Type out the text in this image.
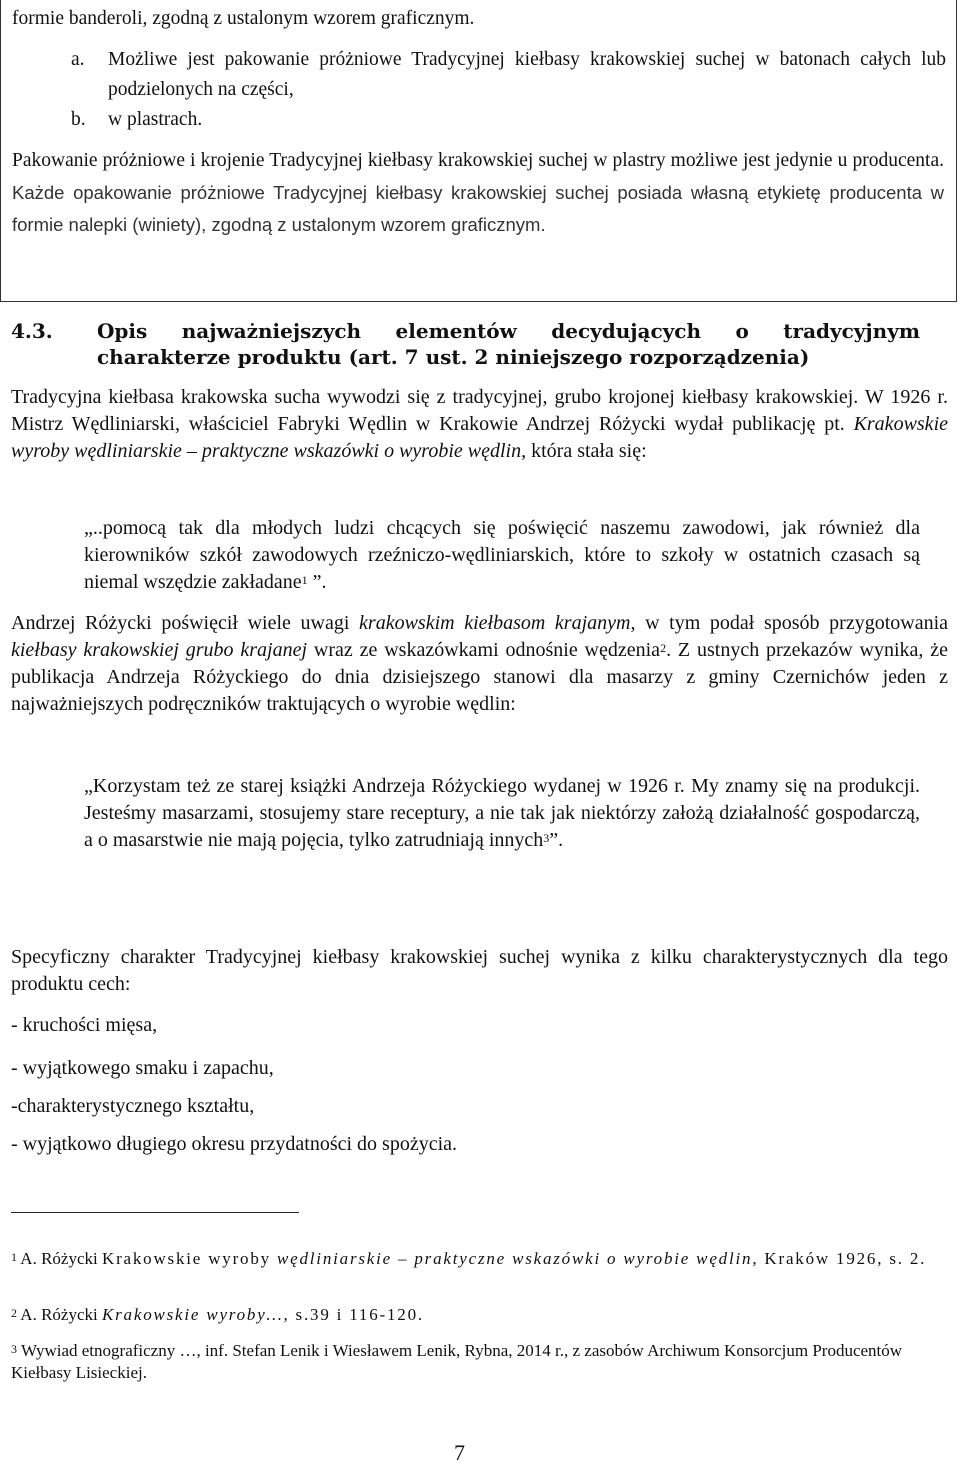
formie banderoli, zgodną z ustalonym wzorem graficznym.

a.	Możliwe jest pakowanie próżniowe Tradycyjnej kiełbasy krakowskiej suchej w batonach całych lub podzielonych na części,
b.	w plastrach.

Pakowanie próżniowe i krojenie Tradycyjnej kiełbasy krakowskiej suchej w plastry możliwe jest jedynie u producenta. Każde opakowanie próżniowe Tradycyjnej kiełbasy krakowskiej suchej posiada własną etykietę producenta w formie nalepki (winiety), zgodną z ustalonym wzorem graficznym.

4.3. Opis najważniejszych elementów decydujących o tradycyjnym charakterze produktu (art. 7 ust. 2 niniejszego rozporządzenia)

Tradycyjna kiełbasa krakowska sucha wywodzi się z tradycyjnej, grubo krojonej kiełbasy krakowskiej. W 1926 r. Mistrz Wędliniarski, właściciel Fabryki Wędlin w Krakowie Andrzej Różycki wydał publikację pt. Krakowskie wyroby wędliniarskie – praktyczne wskazówki o wyrobie wędlin, która stała się:

„..pomocą tak dla młodych ludzi chcących się poświęcić naszemu zawodowi, jak również dla kierowników szkół zawodowych rzeźniczo-wędliniarskich, które to szkoły w ostatnich czasach są niemal wszędzie zakładane$^1$ ”.

Andrzej Różycki poświęcił wiele uwagi krakowskim kiełbasom krajanym, w tym podał sposób przygotowania kiełbasy krakowskiej grubo krajanej wraz ze wskazówkami odnośnie wędzenia$^2$. Z ustnych przekazów wynika, że publikacja Andrzeja Różyckiego do dnia dzisiejszego stanowi dla masarzy z gminy Czernichów jeden z najważniejszych podręczników traktujących o wyrobie wędlin:

„Korzystam też ze starej książki Andrzeja Różyckiego wydanej w 1926 r. My znamy się na produkcji. Jesteśmy masarzami, stosujemy stare receptury, a nie tak jak niektórzy założą działalność gospodarczą, a o masarstwie nie mają pojęcia, tylko zatrudniają innych$^3$”.

Specyficzny charakter Tradycyjnej kiełbasy krakowskiej suchej wynika z kilku charakterystycznych dla tego produktu cech:

- kruchości mięsa,
- wyjątkowego smaku i zapachu,
-charakterystycznego kształtu,
- wyjątkowo długiego okresu przydatności do spożycia.

$^1$ A. Różycki Krakowskie wyroby wędliniarskie – praktyczne wskazówki o wyrobie wędlin, Kraków 1926, s. 2.

$^2$ A. Różycki Krakowskie wyroby…, s.39 i 116-120.

$^3$ Wywiad etnograficzny …, inf. Stefan Lenik i Wiesławem Lenik, Rybna, 2014 r., z zasobów Archiwum Konsorcjum Producentów Kiełbasy Lisieckiej.

7
